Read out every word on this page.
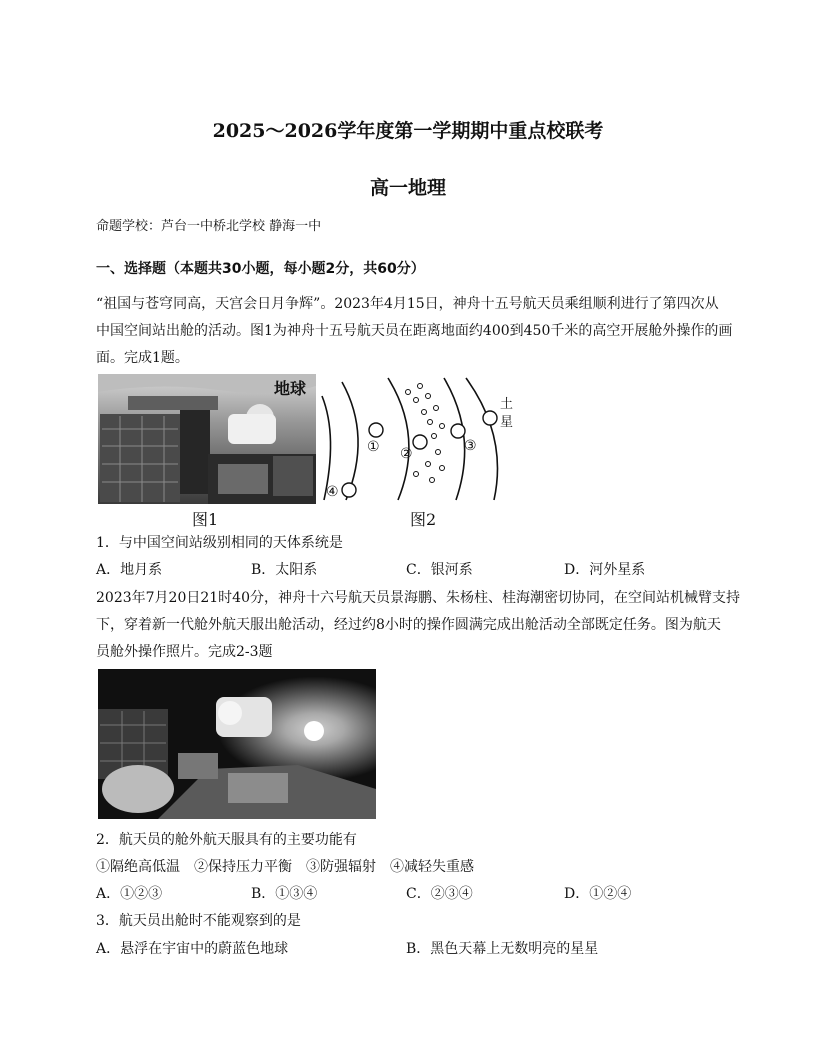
2025～2026学年度第一学期期中重点校联考
高一地理

命题学校：芦台一中桥北学校 静海一中

一、选择题（本题共30小题，每小题2分，共60分）

“祖国与苍穹同高，天宫会日月争辉”。2023年4月15日，神舟十五号航天员乘组顺利进行了第四次从

中国空间站出舱的活动。图1为神舟十五号航天员在距离地面约400到450千米的高空开展舱外操作的画

面。完成1题。

地球
图1
① ②	③
④
土
星
图2

1．与中国空间站级别相同的天体系统是

A．地月系	B．太阳系	C．银河系	D．河外星系

2023年7月20日21时40分，神舟十六号航天员景海鹏、朱杨柱、桂海潮密切协同，在空间站机械臂支持

下，穿着新一代舱外航天服出舱活动，经过约8小时的操作圆满完成出舱活动全部既定任务。图为航天

员舱外操作照片。完成2-3题

2．航天员的舱外航天服具有的主要功能有

①隔绝高低温　②保持压力平衡　③防强辐射　④减轻失重感

A．①②③	B．①③④	C．②③④	D．①②④

3．航天员出舱时不能观察到的是

A．悬浮在宇宙中的蔚蓝色地球	B．黑色天幕上无数明亮的星星
